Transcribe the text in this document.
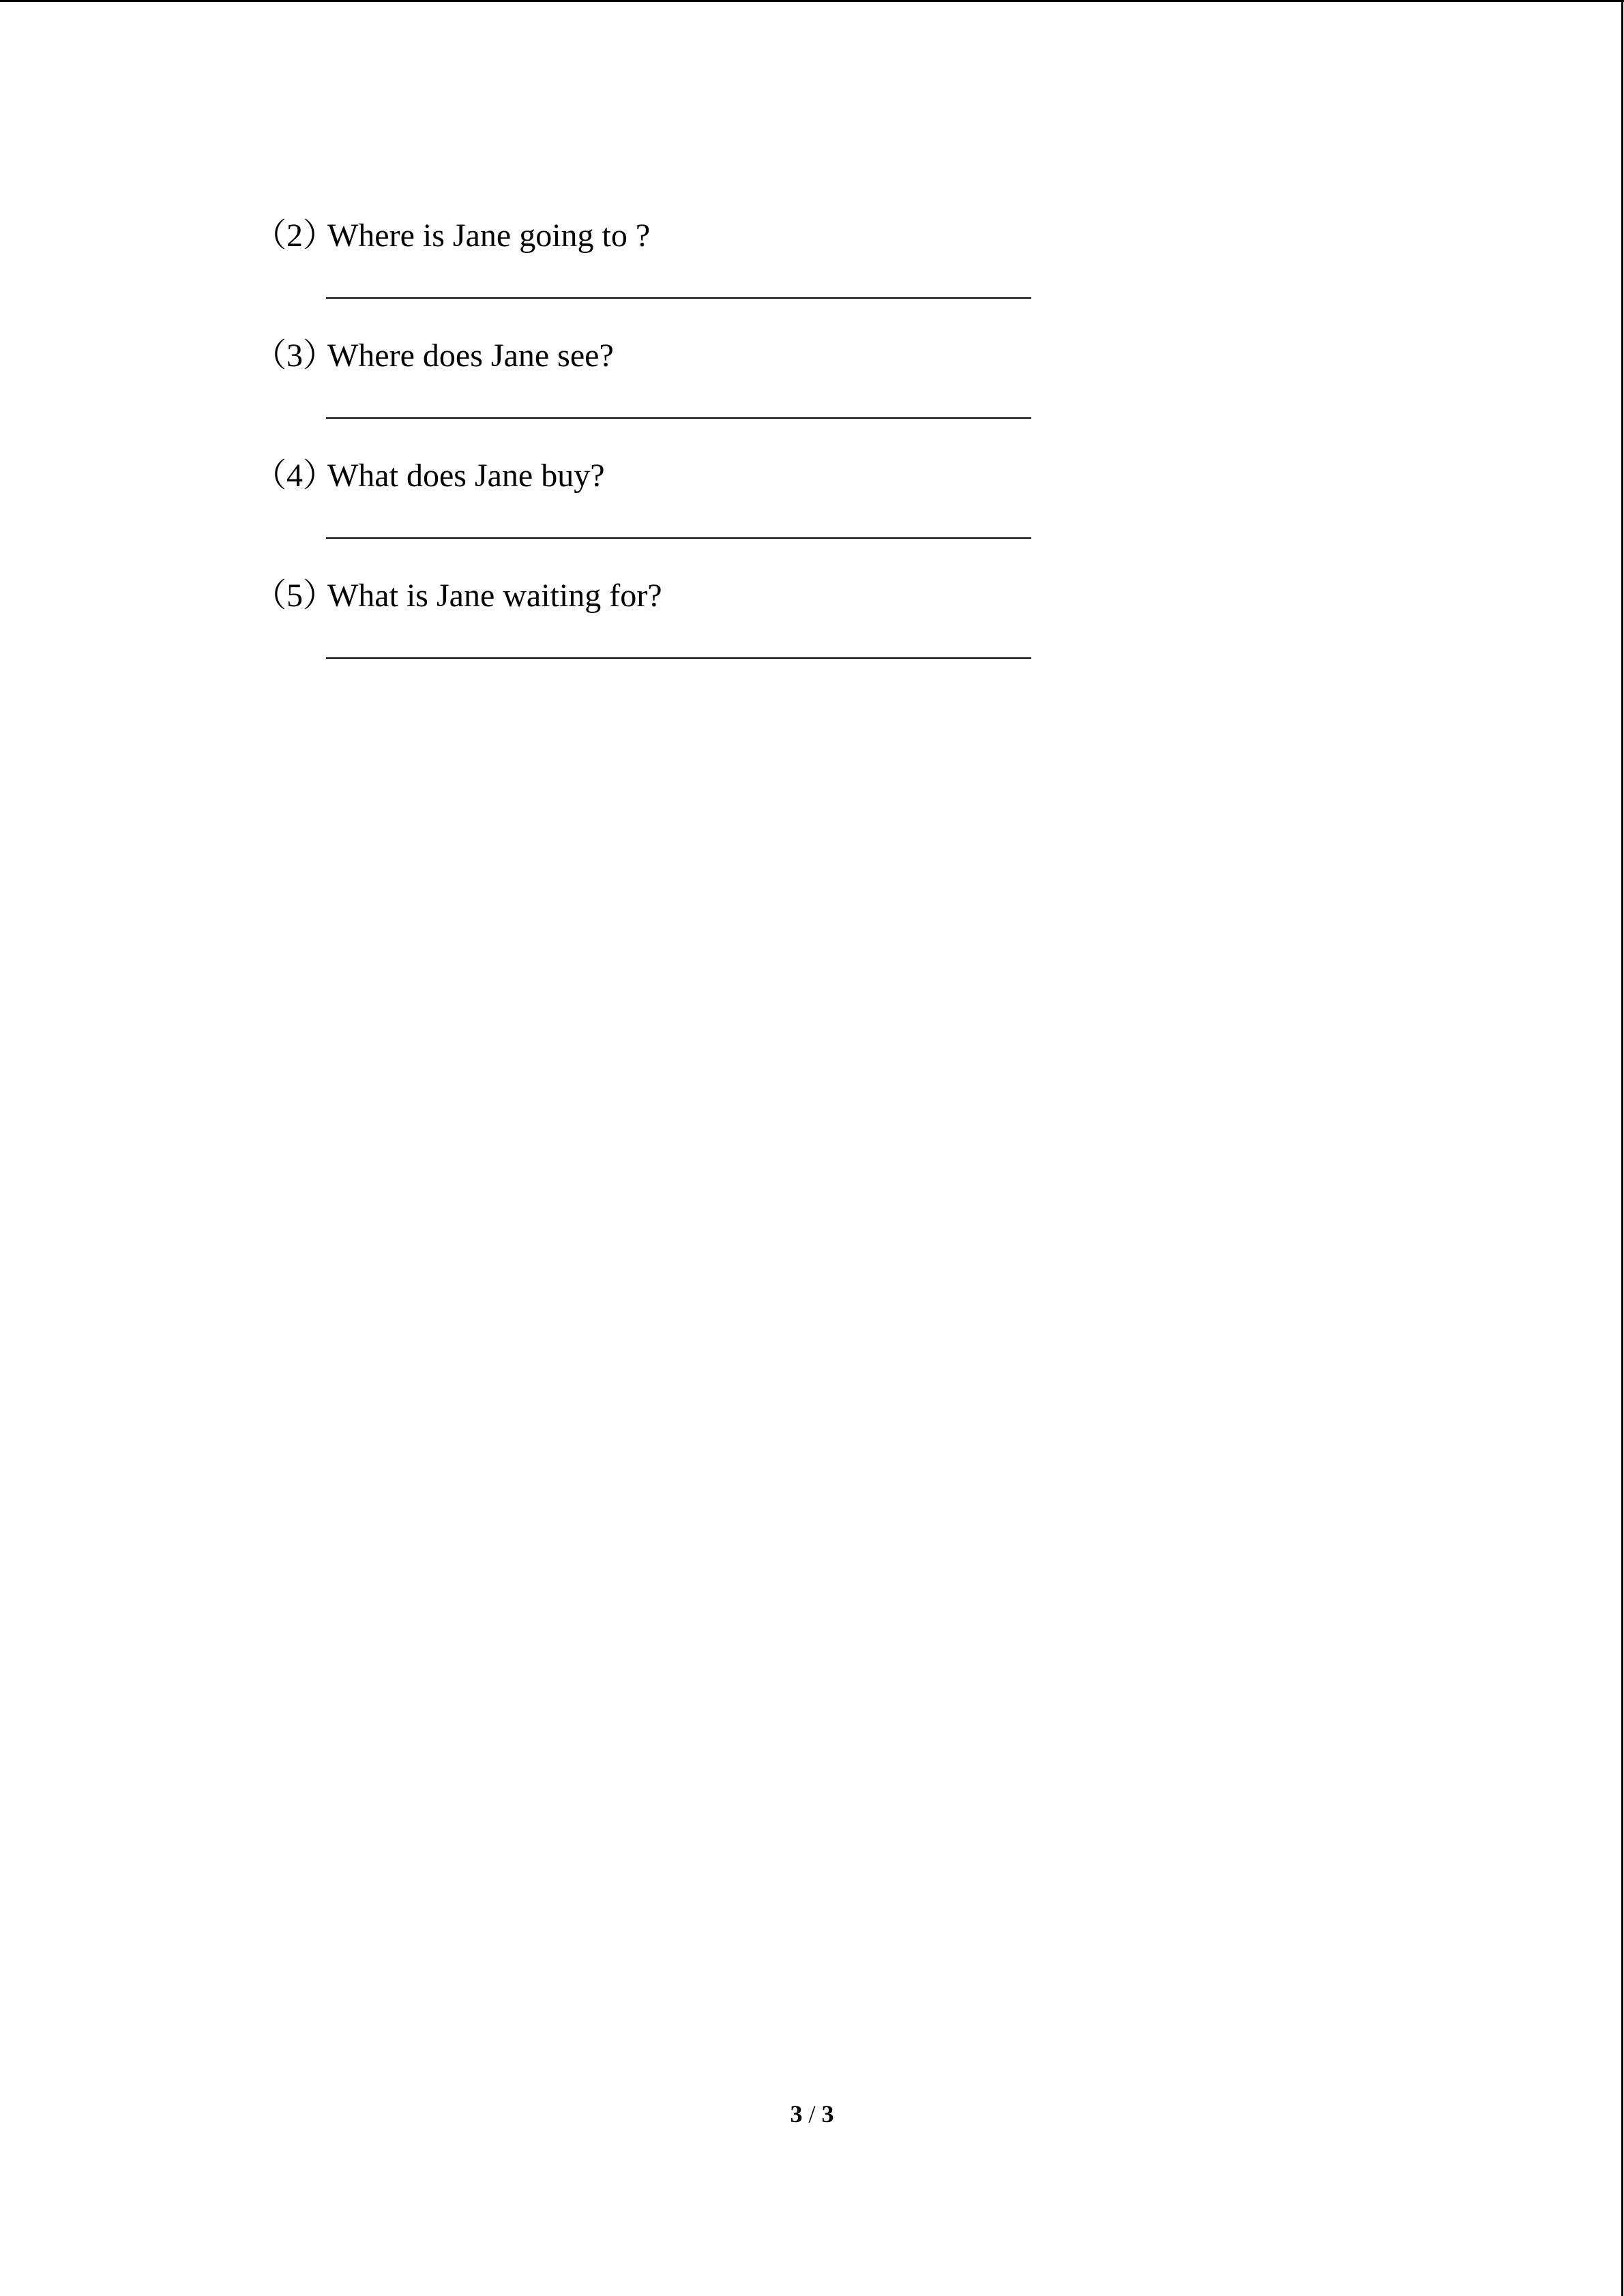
（2）
Where is Jane going to ?
（3）
Where does Jane see?
（4）
What does Jane buy?
（5）
What is Jane waiting for?
3 / 3
